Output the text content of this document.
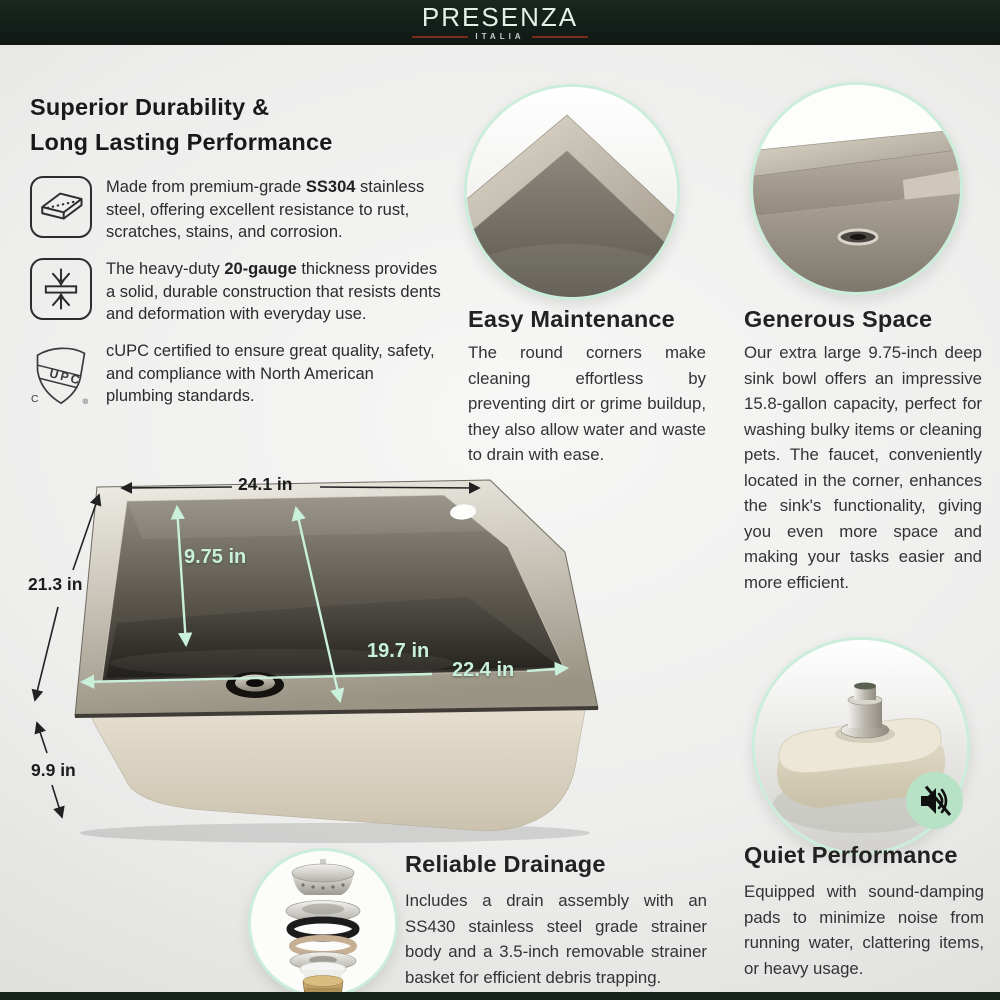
PRESENZA
ITALIA
Superior Durability &
Long Lasting Performance
Made from premium-grade SS304 stainless steel, offering excellent resistance to rust, scratches, stains, and corrosion.
The heavy-duty 20-gauge thickness provides a solid, durable construction that resists dents and deformation with everyday use.
UPC
C	®
cUPC certified to ensure great quality, safety, and compliance with North American plumbing standards.
Easy Maintenance
The round corners make cleaning effortless by preventing dirt or grime buildup, they also allow water and waste to drain with ease.
Generous Space
Our extra large 9.75-inch deep sink bowl offers an impressive 15.8-gallon capacity, perfect for washing bulky items or cleaning pets. The faucet, conveniently located in the corner, enhances the sink's functionality, giving you even more space and making your tasks easier and more efficient.
24.1 in
21.3 in
9.9 in
9.75 in
19.7 in
22.4 in
Reliable Drainage
Includes a drain assembly with an SS430 stainless steel grade strainer body and a 3.5-inch removable strainer basket for efficient debris trapping.
Quiet Performance
Equipped with sound-damping pads to minimize noise from running water, clattering items, or heavy usage.
